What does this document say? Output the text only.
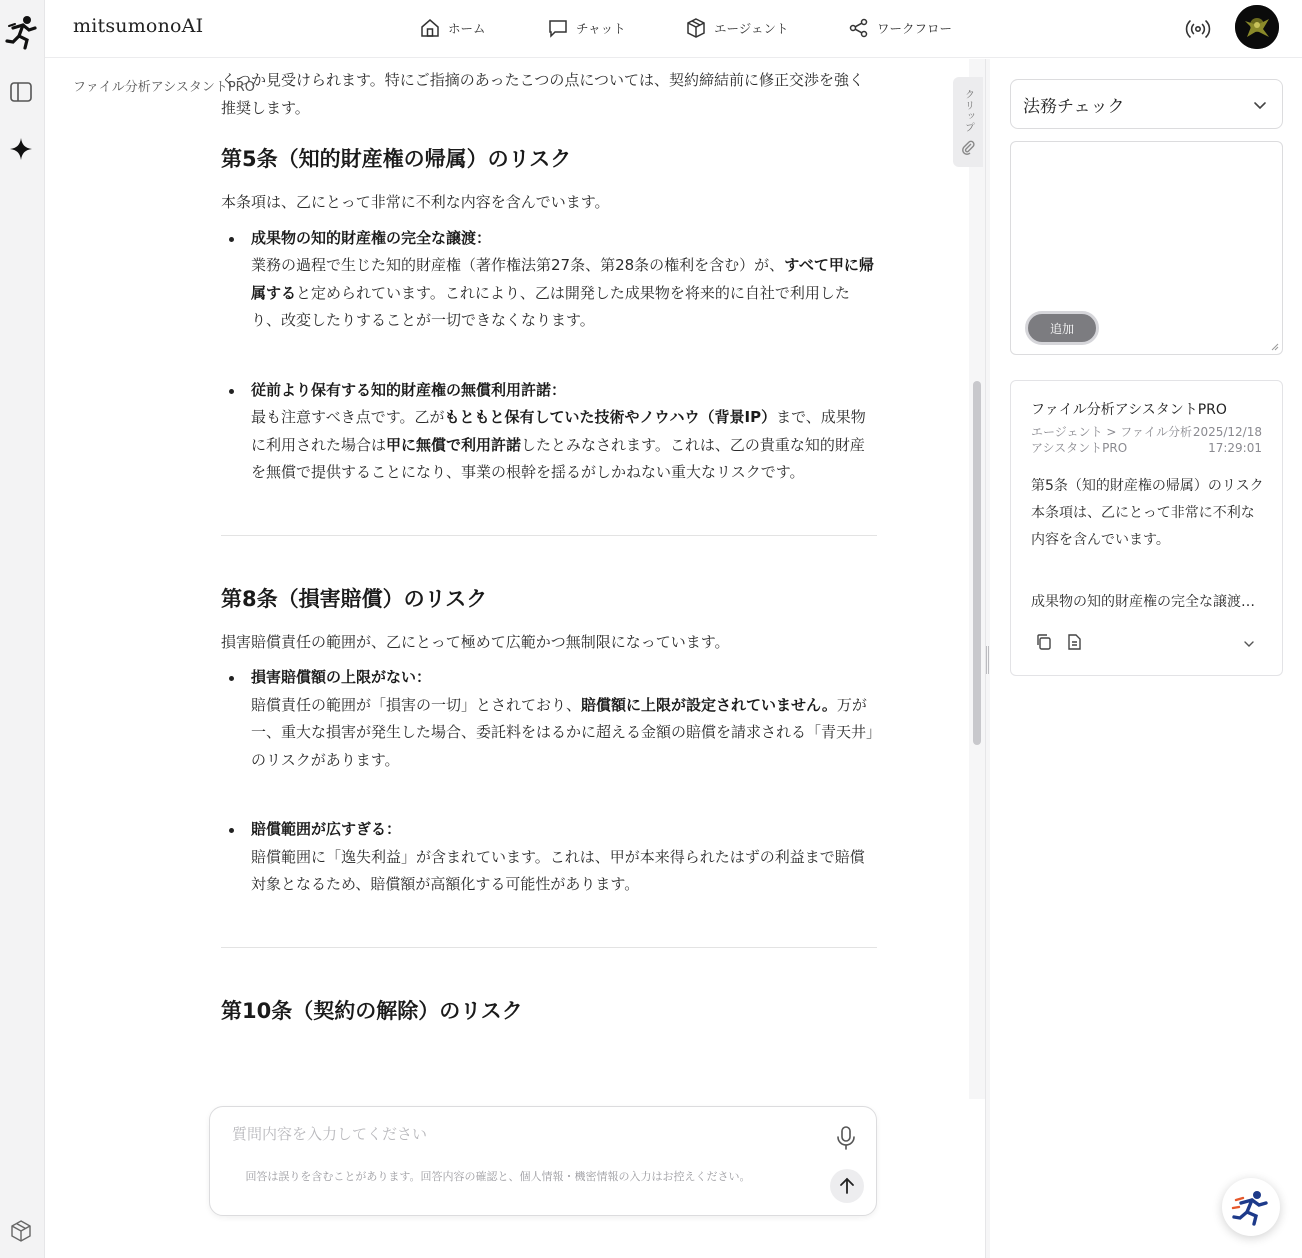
mitsumonoAI	ホーム	チャット	エージェント	ワークフロー
ファイル分析アシスタントPRO

くつか見受けられます。特にご指摘のあったこつの点については、契約締結前に修正交渉を強く推奨します。

第5条（知的財産権の帰属）のリスク

本条項は、乙にとって非常に不利な内容を含んでいます。

成果物の知的財産権の完全な譲渡：
業務の過程で生じた知的財産権（著作権法第27条、第28条の権利を含む）が、すべて甲に帰属すると定められています。これにより、乙は開発した成果物を将来的に自社で利用したり、改変したりすることが一切できなくなります。
従前より保有する知的財産権の無償利用許諾：
最も注意すべき点です。乙がもともと保有していた技術やノウハウ（背景IP）まで、成果物に利用された場合は甲に無償で利用許諾したとみなされます。これは、乙の貴重な知的財産を無償で提供することになり、事業の根幹を揺るがしかねない重大なリスクです。
第8条（損害賠償）のリスク

損害賠償責任の範囲が、乙にとって極めて広範かつ無制限になっています。

損害賠償額の上限がない：
賠償責任の範囲が「損害の一切」とされており、賠償額に上限が設定されていません。万が一、重大な損害が発生した場合、委託料をはるかに超える金額の賠償を請求される「青天井」のリスクがあります。
賠償範囲が広すぎる：
賠償範囲に「逸失利益」が含まれています。これは、甲が本来得られたはずの利益まで賠償対象となるため、賠償額が高額化する可能性があります。
第10条（契約の解除）のリスク
クリップ
質問内容を入力してください
回答は誤りを含むことがあります。回答内容の確認と、個人情報・機密情報の入力はお控えください。
法務チェック
追加
ファイル分析アシスタントPRO
エージェント > ファイル分析アシスタントPRO
2025/12/18
17:29:01
第5条（知的財産権の帰属）のリスク
本条項は、乙にとって非常に不利な内容を含んでいます。
成果物の知的財産権の完全な譲渡…
